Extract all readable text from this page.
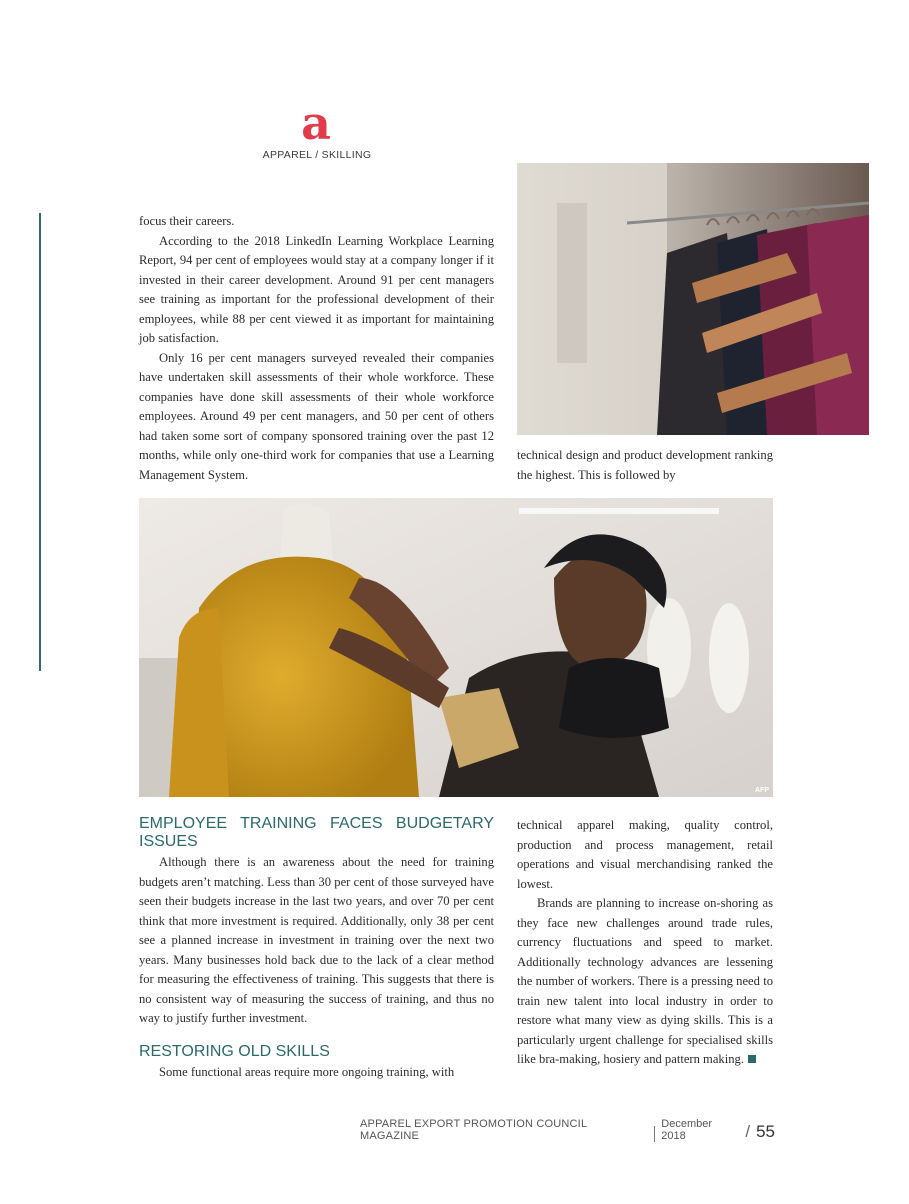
a
APPAREL / SKILLING

focus their careers.

According to the 2018 LinkedIn Learning Workplace Learning Report, 94 per cent of employees would stay at a company longer if it invested in their career development. Around 91 per cent managers see training as important for the professional development of their employees, while 88 per cent viewed it as important for maintaining job satisfaction.

Only 16 per cent managers surveyed revealed their companies have undertaken skill assessments of their whole workforce. These companies have done skill assessments of their whole workforce employees. Around 49 per cent managers, and 50 per cent of others had taken some sort of company sponsored training over the past 12 months, while only one-third work for companies that use a Learning Management System.

technical design and product development ranking the highest. This is followed by

AFP
EMPLOYEE TRAINING FACES BUDGETARY ISSUES

Although there is an awareness about the need for training budgets aren’t matching. Less than 30 per cent of those surveyed have seen their budgets increase in the last two years, and over 70 per cent think that more investment is required. Additionally, only 38 per cent see a planned increase in investment in training over the next two years. Many businesses hold back due to the lack of a clear method for measuring the effectiveness of training. This suggests that there is no consistent way of measuring the success of training, and thus no way to justify further investment.

RESTORING OLD SKILLS

Some functional areas require more ongoing training, with

technical apparel making, quality control, production and process management, retail operations and visual merchandising ranked the lowest.

Brands are planning to increase on-shoring as they face new challenges around trade rules, currency fluctuations and speed to market. Additionally technology advances are lessening the number of workers. There is a pressing need to train new talent into local industry in order to restore what many view as dying skills. This is a particularly urgent challenge for specialised skills like bra-making, hosiery and pattern making.

APPAREL EXPORT PROMOTION COUNCIL MAGAZINE
December 2018	/ 55
